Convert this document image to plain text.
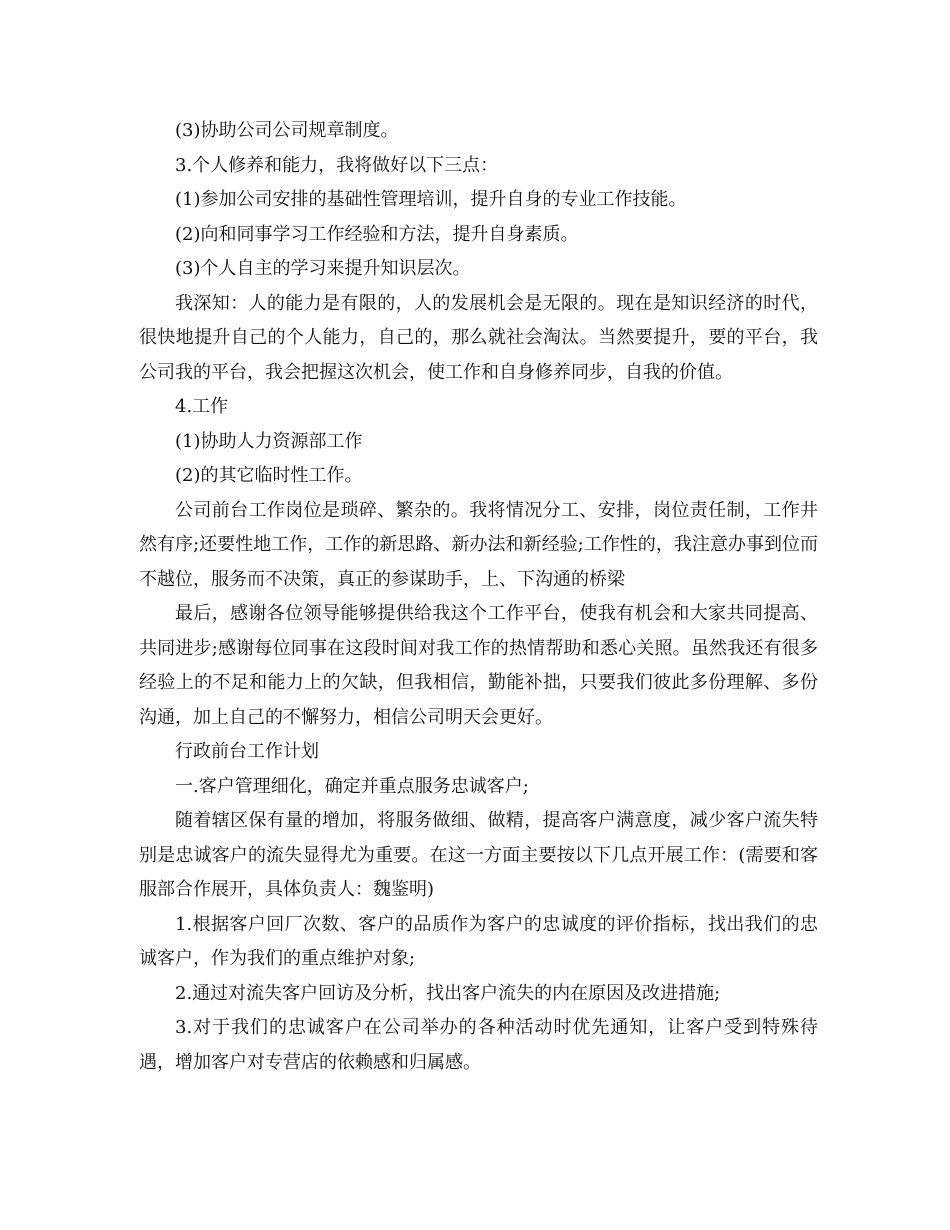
(3)协助公司公司规章制度。

3.个人修养和能力，我将做好以下三点：

(1)参加公司安排的基础性管理培训，提升自身的专业工作技能。

(2)向和同事学习工作经验和方法，提升自身素质。

(3)个人自主的学习来提升知识层次。

我深知：人的能力是有限的，人的发展机会是无限的。现在是知识经济的时代，很快地提升自己的个人能力，自己的，那么就社会淘汰。当然要提升，要的平台，我公司我的平台，我会把握这次机会，使工作和自身修养同步，自我的价值。

4.工作

(1)协助人力资源部工作

(2)的其它临时性工作。

公司前台工作岗位是琐碎、繁杂的。我将情况分工、安排，岗位责任制，工作井然有序;还要性地工作，工作的新思路、新办法和新经验;工作性的，我注意办事到位而不越位，服务而不决策，真正的参谋助手，上、下沟通的桥梁

最后，感谢各位领导能够提供给我这个工作平台，使我有机会和大家共同提高、共同进步;感谢每位同事在这段时间对我工作的热情帮助和悉心关照。虽然我还有很多经验上的不足和能力上的欠缺，但我相信，勤能补拙，只要我们彼此多份理解、多份沟通，加上自己的不懈努力，相信公司明天会更好。

行政前台工作计划

一.客户管理细化，确定并重点服务忠诚客户;

随着辖区保有量的增加，将服务做细、做精，提高客户满意度，减少客户流失特别是忠诚客户的流失显得尤为重要。在这一方面主要按以下几点开展工作：(需要和客服部合作展开，具体负责人：魏鉴明)

1.根据客户回厂次数、客户的品质作为客户的忠诚度的评价指标，找出我们的忠诚客户，作为我们的重点维护对象;

2.通过对流失客户回访及分析，找出客户流失的内在原因及改进措施;

3.对于我们的忠诚客户在公司举办的各种活动时优先通知，让客户受到特殊待遇，增加客户对专营店的依赖感和归属感。
